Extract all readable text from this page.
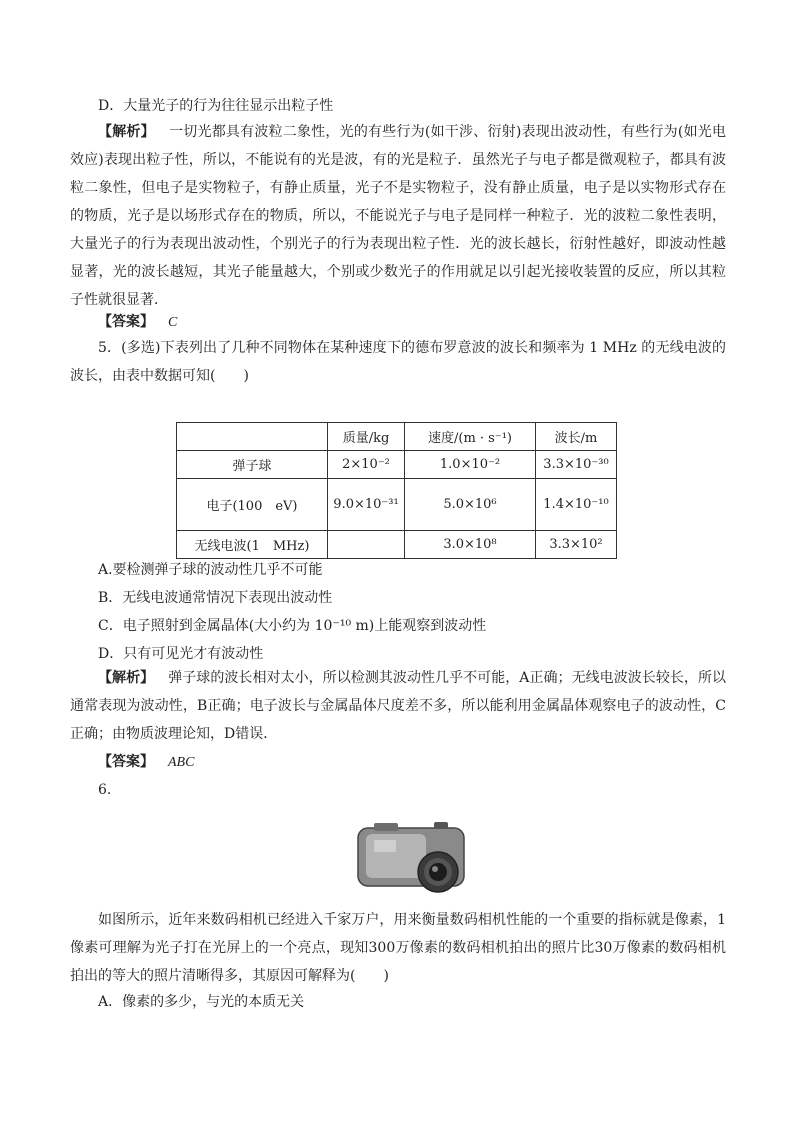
D．大量光子的行为往往显示出粒子性
【解析】  一切光都具有波粒二象性，光的有些行为(如干涉、衍射)表现出波动性，有些行为(如光电效应)表现出粒子性，所以，不能说有的光是波，有的光是粒子．虽然光子与电子都是微观粒子，都具有波粒二象性，但电子是实物粒子，有静止质量，光子不是实物粒子，没有静止质量，电子是以实物形式存在的物质，光子是以场形式存在的物质，所以，不能说光子与电子是同样一种粒子．光的波粒二象性表明，大量光子的行为表现出波动性，个别光子的行为表现出粒子性．光的波长越长，衍射性越好，即波动性越显著，光的波长越短，其光子能量越大，个别或少数光子的作用就足以引起光接收装置的反应，所以其粒子性就很显著．
【答案】  C
5．(多选)下表列出了几种不同物体在某种速度下的德布罗意波的波长和频率为 1 MHz 的无线电波的波长，由表中数据可知(　　)
	质量/kg	速度/(m · s⁻¹)	波长/m
弹子球	2×10⁻²	1.0×10⁻²	3.3×10⁻³⁰
电子(100　eV)	9.0×10⁻³¹	5.0×10⁶	1.4×10⁻¹⁰
无线电波(1　MHz)		3.0×10⁸	3.3×10²
A.要检测弹子球的波动性几乎不可能
B．无线电波通常情况下表现出波动性
C．电子照射到金属晶体(大小约为 10⁻¹⁰ m)上能观察到波动性
D．只有可见光才有波动性
【解析】  弹子球的波长相对太小，所以检测其波动性几乎不可能，A正确；无线电波波长较长，所以通常表现为波动性，B正确；电子波长与金属晶体尺度差不多，所以能利用金属晶体观察电子的波动性，C正确；由物质波理论知，D错误．
【答案】  ABC
6.
如图所示，近年来数码相机已经进入千家万户，用来衡量数码相机性能的一个重要的指标就是像素，1像素可理解为光子打在光屏上的一个亮点，现知300万像素的数码相机拍出的照片比30万像素的数码相机拍出的等大的照片清晰得多，其原因可解释为(　　)
A．像素的多少，与光的本质无关
